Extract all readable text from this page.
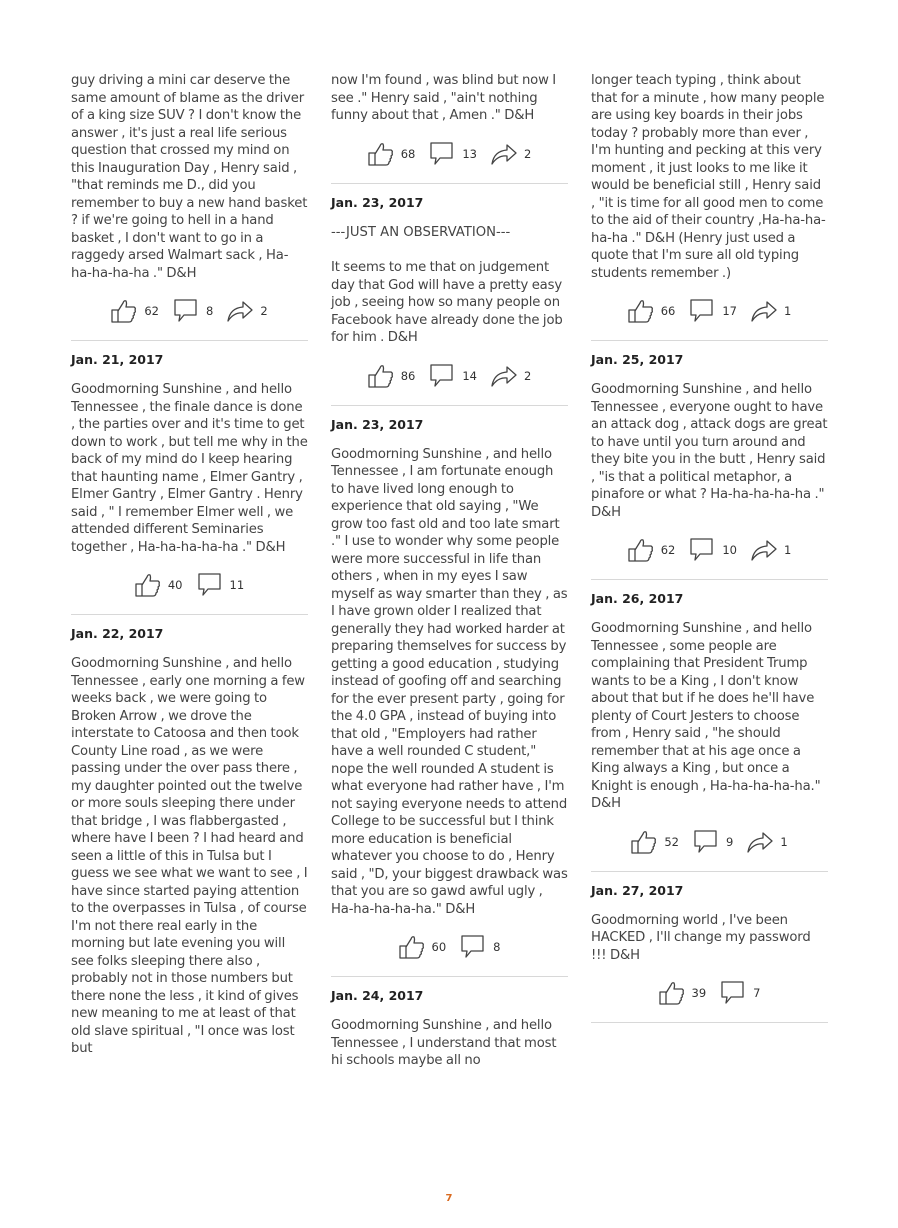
guy driving a mini car deserve the same amount of blame as the driver of a king size SUV ? I don't know the answer , it's just a real life serious question that crossed my mind on this Inauguration Day , Henry said , "that reminds me D., did you remember to buy a new hand basket ? if we're going to hell in a hand basket , I don't want to go in a raggedy arsed Walmart sack , Ha-ha-ha-ha-ha ." D&H

62	8	2
Jan. 21, 2017

Goodmorning Sunshine , and hello Tennessee , the finale dance is done , the parties over and it's time to get down to work , but tell me why in the back of my mind do I keep hearing that haunting name , Elmer Gantry , Elmer Gantry , Elmer Gantry . Henry said , " I remember Elmer well , we attended different Seminaries together , Ha-ha-ha-ha-ha ." D&H

40	11
Jan. 22, 2017

Goodmorning Sunshine , and hello Tennessee , early one morning a few weeks back , we were going to Broken Arrow , we drove the interstate to Catoosa and then took County Line road , as we were passing under the over pass there , my daughter pointed out the twelve or more souls sleeping there under that bridge , I was flabbergasted , where have I been ? I had heard and seen a little of this in Tulsa but I guess we see what we want to see , I have since started paying attention to the overpasses in Tulsa , of course I'm not there real early in the morning but late evening you will see folks sleeping there also , probably not in those numbers but there none the less , it kind of gives new meaning to me at least of that old slave spiritual , "I once was lost but

now I'm found , was blind but now I see ." Henry said , "ain't nothing funny about that , Amen ." D&H

68	13	2
Jan. 23, 2017

---JUST AN OBSERVATION---

It seems to me that on judgement day that God will have a pretty easy job , seeing how so many people on Facebook have already done the job for him . D&H

86	14	2
Jan. 23, 2017

Goodmorning Sunshine , and hello Tennessee , I am fortunate enough to have lived long enough to experience that old saying , "We grow too fast old and too late smart ." I use to wonder why some people were more successful in life than others , when in my eyes I saw myself as way smarter than they , as I have grown older I realized that generally they had worked harder at preparing themselves for success by getting a good education , studying instead of goofing off and searching for the ever present party , going for the 4.0 GPA , instead of buying into that old , "Employers had rather have a well rounded C student," nope the well rounded A student is what everyone had rather have , I'm not saying everyone needs to attend College to be successful but I think more education is beneficial whatever you choose to do , Henry said , "D, your biggest drawback was that you are so gawd awful ugly , Ha-ha-ha-ha-ha." D&H

60	8
Jan. 24, 2017

Goodmorning Sunshine , and hello Tennessee , I understand that most hi schools maybe all no

longer teach typing , think about that for a minute , how many people are using key boards in their jobs today ? probably more than ever , I'm hunting and pecking at this very moment , it just looks to me like it would be beneficial still , Henry said , "it is time for all good men to come to the aid of their country ,Ha-ha-ha-ha-ha ." D&H (Henry just used a quote that I'm sure all old typing students remember .)

66	17	1
Jan. 25, 2017

Goodmorning Sunshine , and hello Tennessee , everyone ought to have an attack dog , attack dogs are great to have until you turn around and they bite you in the butt , Henry said , "is that a political metaphor, a pinafore or what ? Ha-ha-ha-ha-ha ." D&H

62	10	1
Jan. 26, 2017

Goodmorning Sunshine , and hello Tennessee , some people are complaining that President Trump wants to be a King , I don't know about that but if he does he'll have plenty of Court Jesters to choose from , Henry said , "he should remember that at his age once a King always a King , but once a Knight is enough , Ha-ha-ha-ha-ha." D&H

52	9	1
Jan. 27, 2017

Goodmorning world , I've been HACKED , I'll change my password !!! D&H

39	7
7
